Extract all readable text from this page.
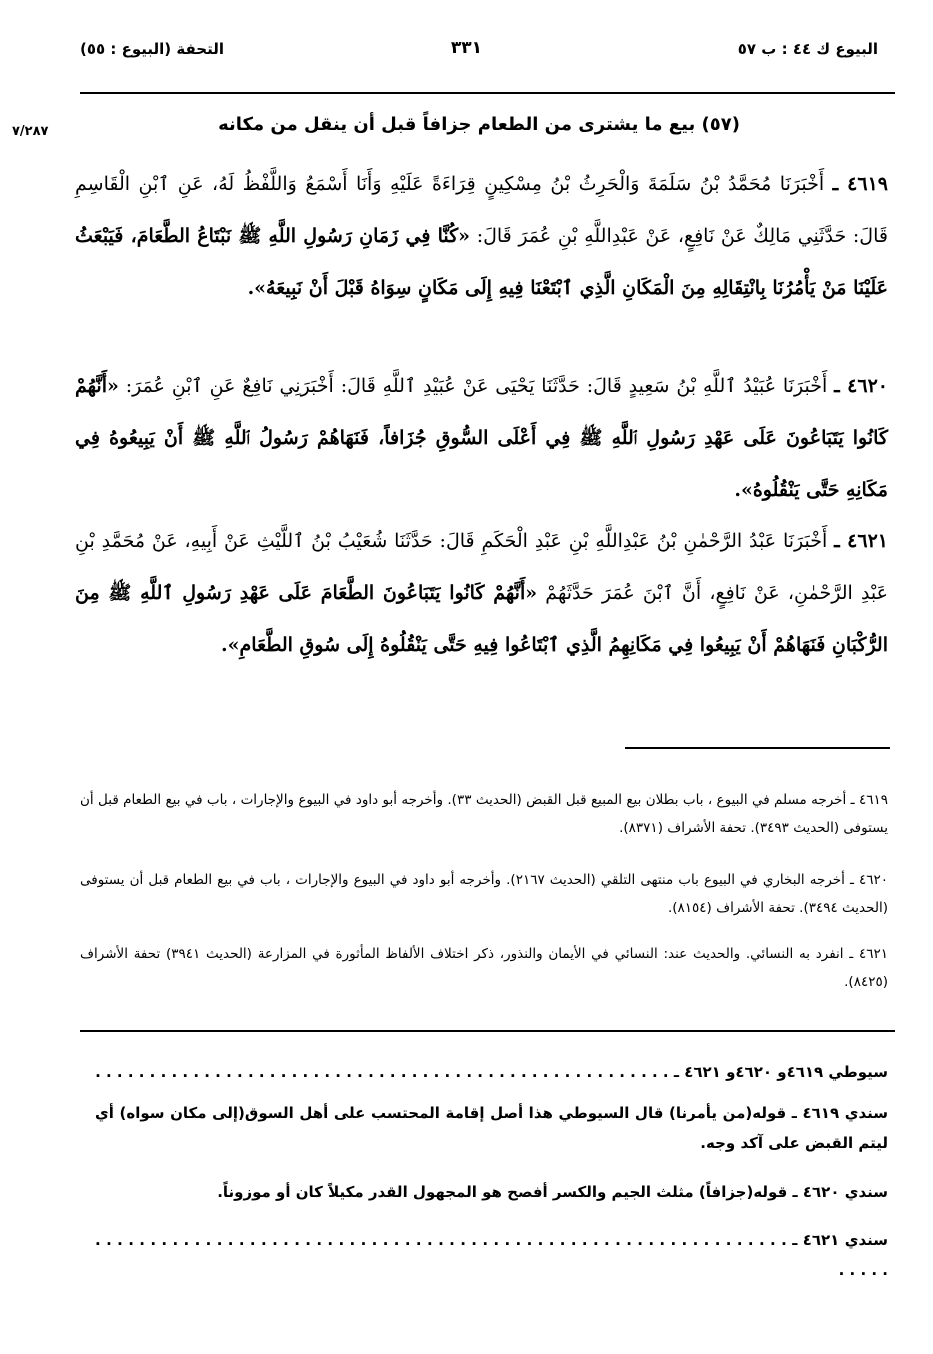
البيوع ك ٤٤ : ب ٥٧
٣٣١
التحفة (البيوع : ٥٥)
٧/٢٨٧	(٥٧) بيع ما يشترى من الطعام جزافاً قبل أن ينقل من مكانه
٤٦١٩ ـ أَخْبَرَنَا مُحَمَّدُ بْنُ سَلَمَةَ وَالْحَرِثُ بْنُ مِسْكِينٍ قِرَاءَةً عَلَيْهِ وَأَنَا أَسْمَعُ وَاللَّفْظُ لَهُ، عَنِ ٱبْنِ الْقَاسِمِ قَالَ: حَدَّثَنِي مَالِكٌ عَنْ نَافِعٍ، عَنْ عَبْدِاللَّهِ بْنِ عُمَرَ قَالَ: «كُنَّا فِي زَمَانِ رَسُولِ اللَّهِ ﷺ نَبْتَاعُ الطَّعَامَ، فَيَبْعَثُ عَلَيْنَا مَنْ يَأْمُرُنَا بِانْتِقَالِهِ مِنَ الْمَكَانِ الَّذِي ٱبْتَعْنَا فِيهِ إِلَى مَكَانٍ سِوَاهُ قَبْلَ أَنْ نَبِيعَهُ».
٤٦٢٠ ـ أَخْبَرَنَا عُبَيْدُ ٱللَّهِ بْنُ سَعِيدٍ قَالَ: حَدَّثَنَا يَحْيَى عَنْ عُبَيْدِ ٱللَّهِ قَالَ: أَخْبَرَنِي نَافِعٌ عَنِ ٱبْنِ عُمَرَ: «أَنَّهُمْ كَانُوا يَتَبَاعُونَ عَلَى عَهْدِ رَسُولِ ٱللَّهِ ﷺ فِي أَعْلَى السُّوقِ جُزَافاً، فَنَهَاهُمْ رَسُولُ ٱللَّهِ ﷺ أَنْ يَبِيعُوهُ فِي مَكَانِهِ حَتَّى يَنْقُلُوهُ».
٤٦٢١ ـ أَخْبَرَنَا عَبْدُ الرَّحْمٰنِ بْنُ عَبْدِاللَّهِ بْنِ عَبْدِ الْحَكَمِ قَالَ: حَدَّثَنَا شُعَيْبُ بْنُ ٱللَّيْثِ عَنْ أَبِيهِ، عَنْ مُحَمَّدِ بْنِ عَبْدِ الرَّحْمٰنِ، عَنْ نَافِعٍ، أَنَّ ٱبْنَ عُمَرَ حَدَّثَهُمْ «أَنَّهُمْ كَانُوا يَتَبَاعُونَ الطَّعَامَ عَلَى عَهْدِ رَسُولِ ٱللَّهِ ﷺ مِنَ الرُّكْبَانِ فَنَهَاهُمْ أَنْ يَبِيعُوا فِي مَكَانِهِمُ الَّذِي ٱبْتَاعُوا فِيهِ حَتَّى يَنْقُلُوهُ إِلَى سُوقِ الطَّعَامِ».
٤٦١٩ ـ أخرجه مسلم في البيوع ، باب بطلان بيع المبيع قبل القبض (الحديث ٣٣). وأخرجه أبو داود في البيوع والإجارات ، باب في بيع الطعام قبل أن يستوفى (الحديث ٣٤٩٣). تحفة الأشراف (٨٣٧١).
٤٦٢٠ ـ أخرجه البخاري في البيوع باب منتهى التلقي (الحديث ٢١٦٧). وأخرجه أبو داود في البيوع والإجارات ، باب في بيع الطعام قبل أن يستوفى (الحديث ٣٤٩٤). تحفة الأشراف (٨١٥٤).
٤٦٢١ ـ انفرد به النسائي. والحديث عند: النسائي في الأيمان والنذور، ذكر اختلاف الألفاظ المأثورة في المزارعة (الحديث ٣٩٤١) تحفة الأشراف (٨٤٢٥).
سيوطي ٤٦١٩و ٤٦٢٠و ٤٦٢١ ـ . . . . . . . . . . . . . . . . . . . . . . . . . . . . . . . . . . . . . . . . . . . . . . . . . . . . .
سندي ٤٦١٩ ـ قوله(من يأمرنا) قال السيوطي هذا أصل إقامة المحتسب على أهل السوق(إلى مكان سواه) أي ليتم القبض على آكد وجه.
سندي ٤٦٢٠ ـ قوله(جزافاً) مثلث الجيم والكسر أفصح هو المجهول القدر مكيلاً كان أو موزوناً.
سندي ٤٦٢١ ـ . . . . . . . . . . . . . . . . . . . . . . . . . . . . . . . . . . . . . . . . . . . . . . . . . . . . . . . . . . . . . . . . . . . .
